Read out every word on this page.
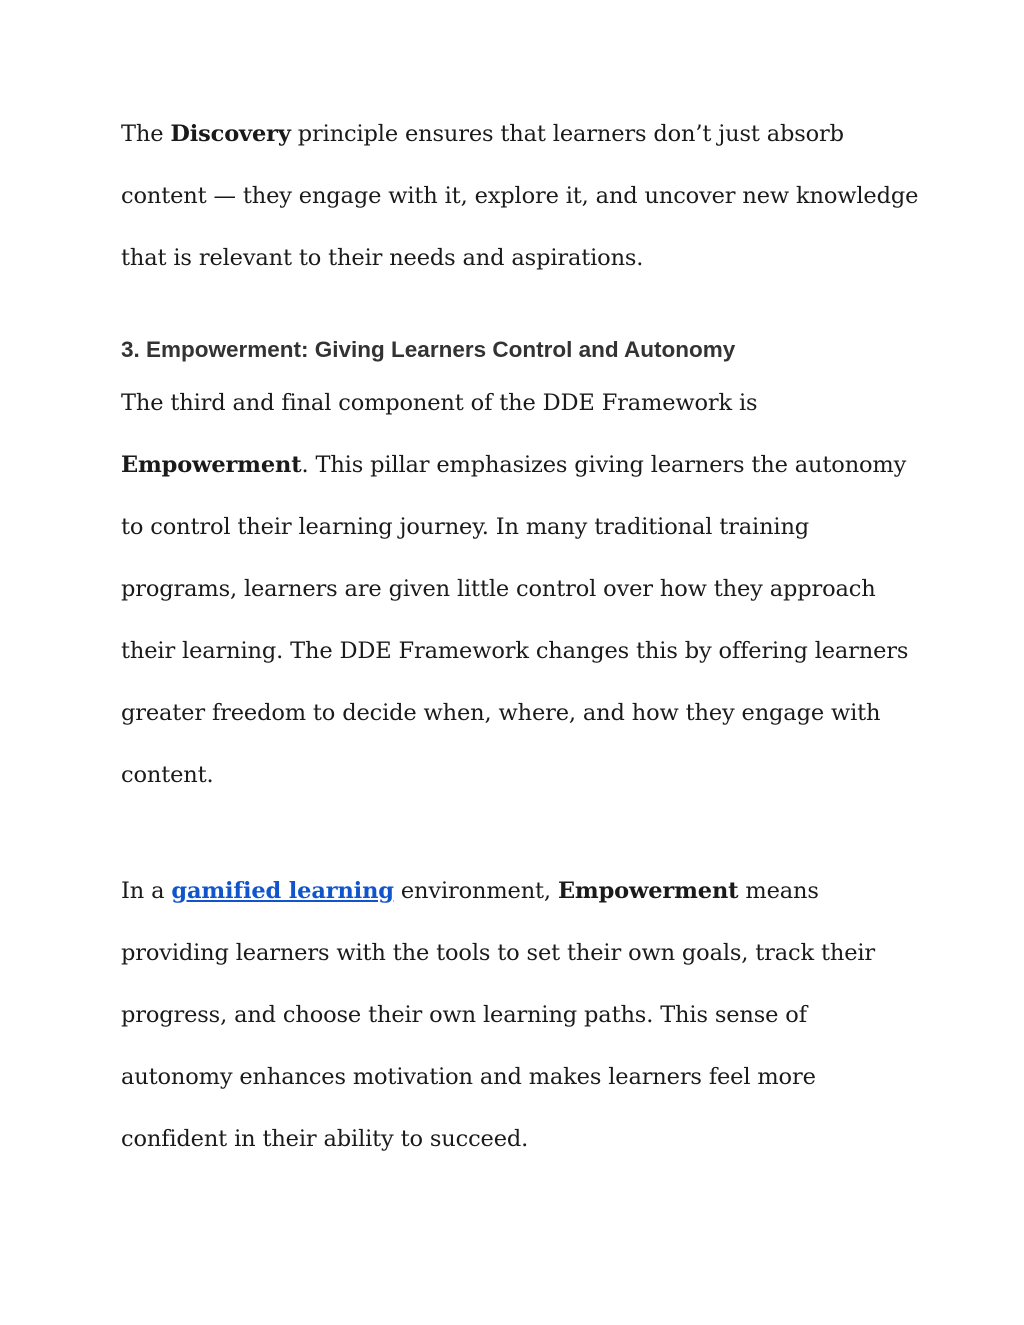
The Discovery principle ensures that learners don’t just absorb content — they engage with it, explore it, and uncover new knowledge that is relevant to their needs and aspirations.

3. Empowerment: Giving Learners Control and Autonomy

The third and final component of the DDE Framework is Empowerment. This pillar emphasizes giving learners the autonomy to control their learning journey. In many traditional training programs, learners are given little control over how they approach their learning. The DDE Framework changes this by offering learners greater freedom to decide when, where, and how they engage with content.

In a gamified learning environment, Empowerment means providing learners with the tools to set their own goals, track their progress, and choose their own learning paths. This sense of autonomy enhances motivation and makes learners feel more confident in their ability to succeed.
